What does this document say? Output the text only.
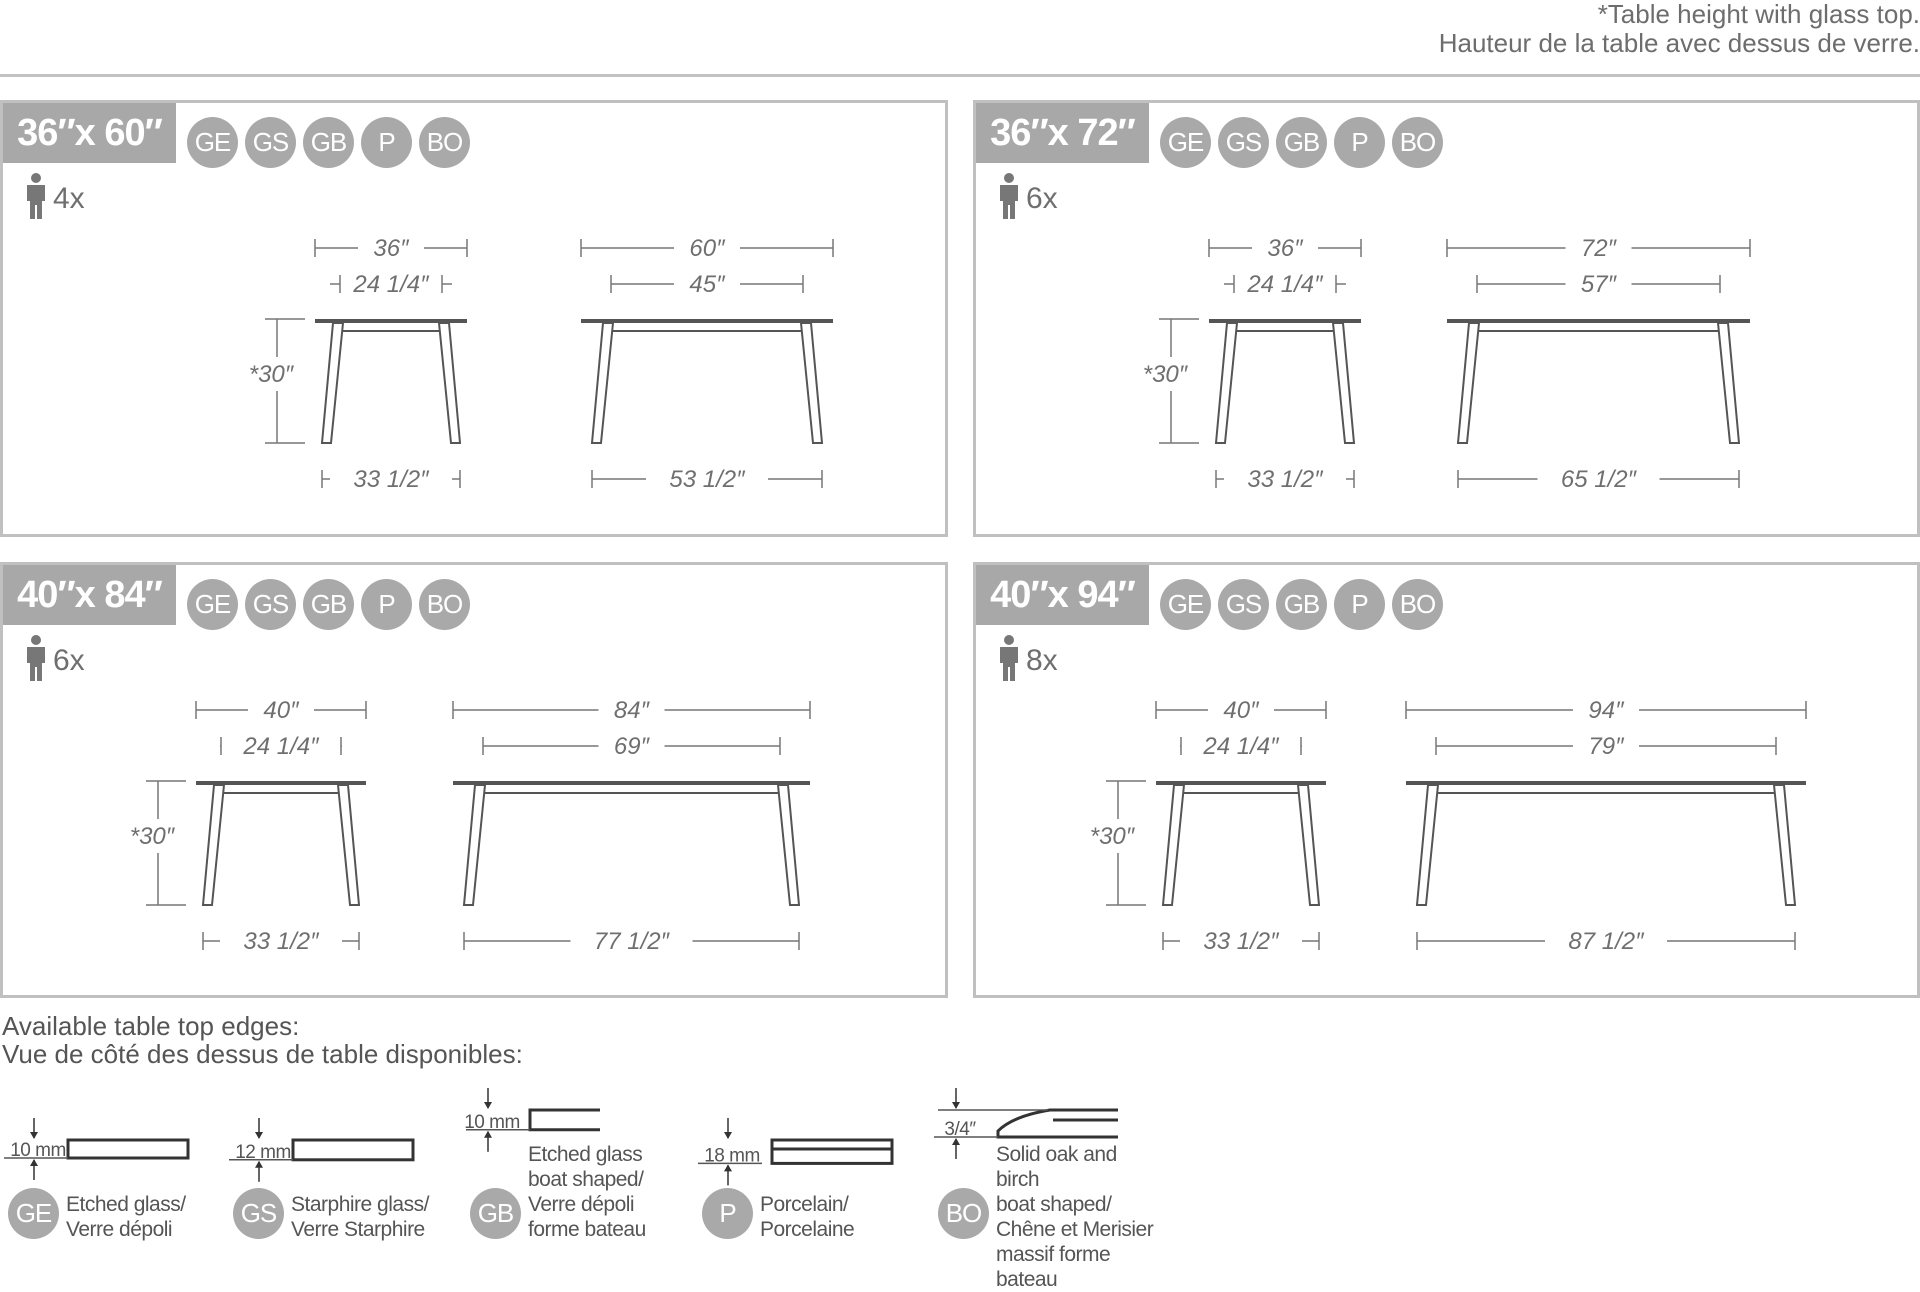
*Table height with glass top.
Hauteur de la table avec dessus de verre.
36″x 60″	GE GS GB	P	BO
4x
36″
24 1/4″
*30″
33 1/2″
60″
45″
53 1/2″
36″x 72″	GE GS GB	P	BO
6x
36″
24 1/4″
*30″
33 1/2″
72″
57″
65 1/2″
40″x 84″	GE GS GB	P	BO
6x
40″
24 1/4″
*30″
33 1/2″
84″
69″
77 1/2″
40″x 94″	GE GS GB	P	BO
8x
40″
24 1/4″
*30″
33 1/2″
94″
79″
87 1/2″
Available table top edges:
Vue de côté des dessus de table disponibles:
10 mm
GE Etched glass/
Verre dépoli
12 mm
GS Starphire glass/
Verre Starphire
10 mm
GB
Etched glass
boat shaped/
Verre dépoli
forme bateau
18 mm
P	Porcelain/
Porcelaine
3/4″
BO
Solid oak and birch
boat shaped/
Chêne et Merisier
massif forme bateau
